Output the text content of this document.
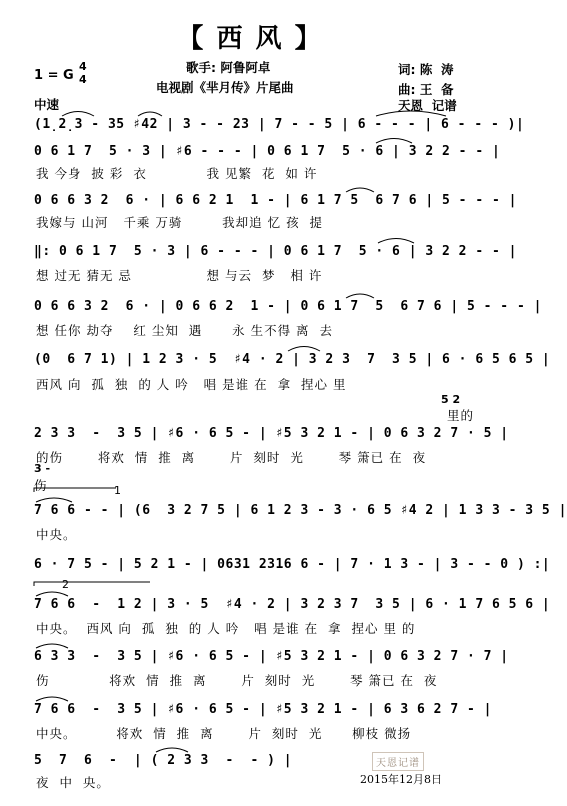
【 西 风 】
歌手: 阿鲁阿卓
电视剧《芈月传》片尾曲
词: 陈  涛
曲: 王  备
天恩  记谱
1 = G
4
4
中速
(1̣2̣3 - 35 ♯42 | 3 - - 23 | 7 - - 5 | 6 - - - | 6 - - - )|
0 6 1 7  5 · 3 | ♯6 - - - | 0 6 1 7  5 · 6 | 3 2 2 - - |
我 今身  披 彩  衣            我 见繁  花  如 许
0 6 6 3 2  6 · | 6 6 2 1  1 - | 6 1 7 5  6 7 6 | 5 - - - |
我嫁与 山河   千乘 万骑        我却追 忆 孩  提
‖: 0 6 1 7  5 · 3 | 6 - - - | 0 6 1 7  5 · 6 | 3 2 2 - - |
想 过无 猜无 忌               想 与云  梦   相 许
0 6 6 3 2  6 · | 0 6 6 2  1 - | 0 6 1 7  5  6 7 6 | 5 - - - |
想 任你 劫夺    红 尘知  遇      永 生不得 离  去
(0  6 7 1) | 1 2 3 · 5  ♯4 · 2 | 3 2 3  7  3 5 | 6 · 6 5 6 5 |
西风 向  孤  独  的 人 吟   唱 是谁 在  拿  捏心 里
5 2
里的
2 3 3  -  3 5 | ♯6 · 6 5 - | ♯5 3 2 1 - | 0 6 3 2 7 · 5 |
的伤       将欢  情  推  离       片  刻时  光       琴 箫已 在  夜
3 -
伤	1
7 6 6 - - | (6  3 2 7 5 | 6 1 2 3 - 3 · 6 5 ♯4 2 | 1 3 3 - 3 5 |
中央。
6 · 7 5 - | 5 2 1 - | 0631 2316 6 - | 7 · 1 3 - | 3 - - 0 ) :|
2
7 6 6  -  1 2 | 3 · 5  ♯4 · 2 | 3 2 3 7  3 5 | 6 · 1 7 6 5 6 |
中央。  西风 向  孤  独  的 人 吟   唱 是谁 在  拿  捏心 里 的
6 3 3  -  3 5 | ♯6 · 6 5 - | ♯5 3 2 1 - | 0 6 3 2 7 · 7 |
伤            将欢  情  推  离       片  刻时  光       琴 箫已 在  夜
7 6 6  -  3 5 | ♯6 · 6 5 - | ♯5 3 2 1 - | 6 3 6 2 7 - |
中央。        将欢  情  推  离       片  刻时  光      柳枝 微扬
5  7  6  -  | ( 2 3 3  -  - ) |
夜  中  央。
天恩记谱
2015年12月8日
